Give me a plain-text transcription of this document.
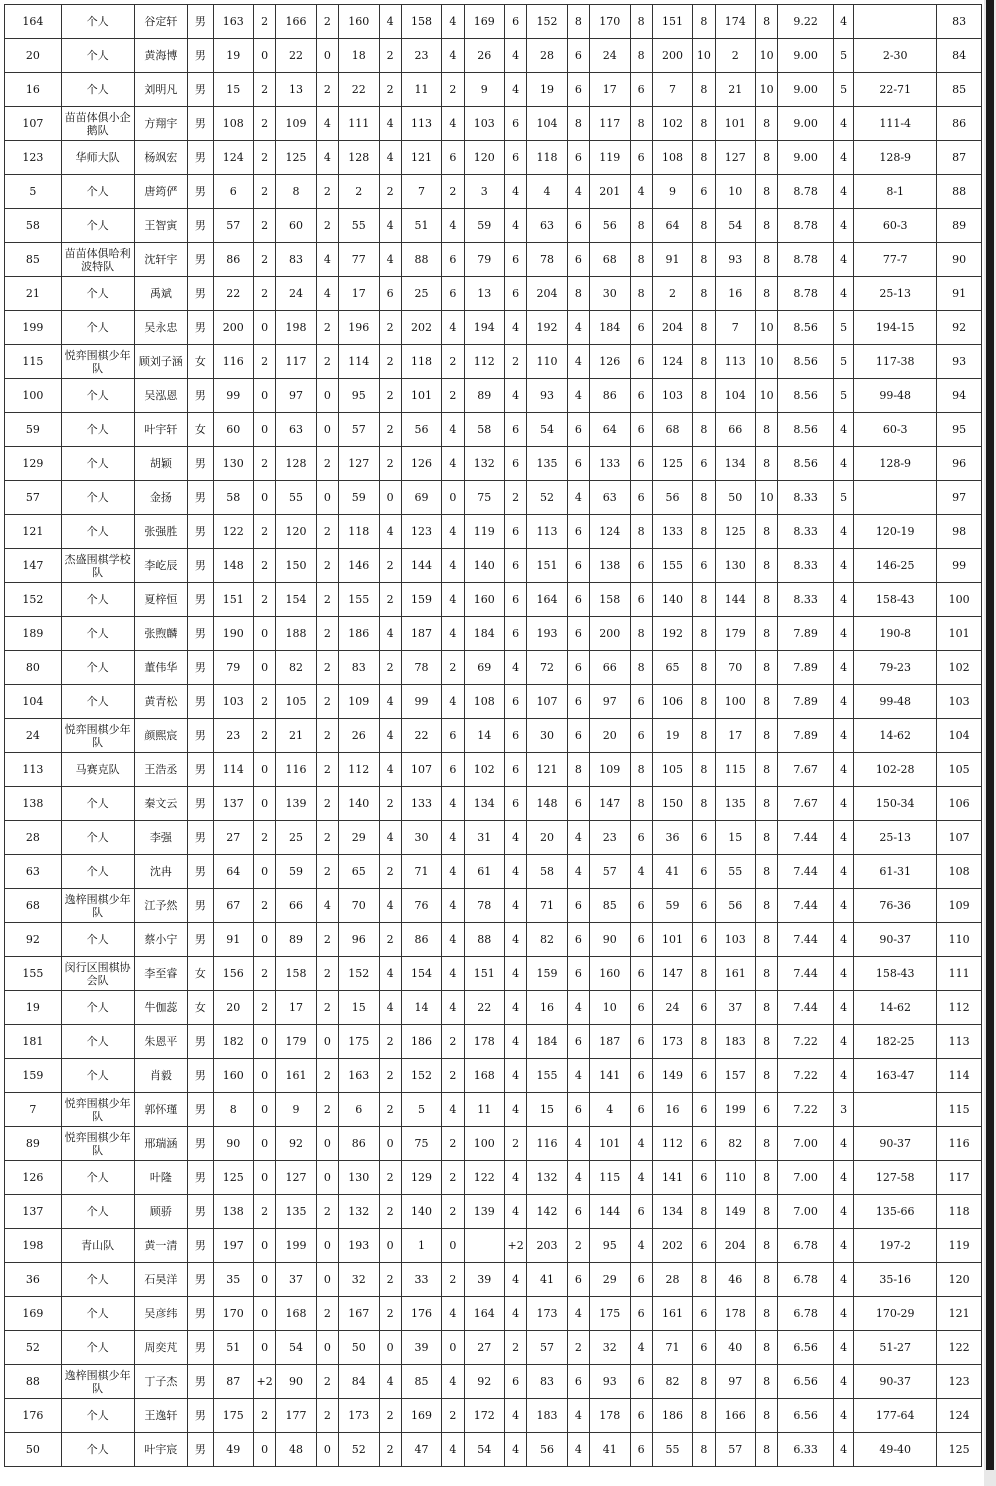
164	个人	谷定轩	男	163	2	166	2	160	4	158	4	169	6	152	8	170	8	151	8	174	8	9.22	4		83
20	个人	黄海博	男	19	0	22	0	18	2	23	4	26	4	28	6	24	8	200	10	2	10	9.00	5	2-30	84
16	个人	刘明凡	男	15	2	13	2	22	2	11	2	9	4	19	6	17	6	7	8	21	10	9.00	5	22-71	85
107	苗苗体俱小企鹅队	方翔宇	男	108	2	109	4	111	4	113	4	103	6	104	8	117	8	102	8	101	8	9.00	4	111-4	86
123	华师大队	杨飒宏	男	124	2	125	4	128	4	121	6	120	6	118	6	119	6	108	8	127	8	9.00	4	128-9	87
5	个人	唐筠俨	男	6	2	8	2	2	2	7	2	3	4	4	4	201	4	9	6	10	8	8.78	4	8-1	88
58	个人	王智寅	男	57	2	60	2	55	4	51	4	59	4	63	6	56	8	64	8	54	8	8.78	4	60-3	89
85	苗苗体俱哈利波特队	沈轩宇	男	86	2	83	4	77	4	88	6	79	6	78	6	68	8	91	8	93	8	8.78	4	77-7	90
21	个人	禹斌	男	22	2	24	4	17	6	25	6	13	6	204	8	30	8	2	8	16	8	8.78	4	25-13	91
199	个人	吴永忠	男	200	0	198	2	196	2	202	4	194	4	192	4	184	6	204	8	7	10	8.56	5	194-15	92
115	悦弈围棋少年队	顾刘子涵	女	116	2	117	2	114	2	118	2	112	2	110	4	126	6	124	8	113	10	8.56	5	117-38	93
100	个人	吴泓恩	男	99	0	97	0	95	2	101	2	89	4	93	4	86	6	103	8	104	10	8.56	5	99-48	94
59	个人	叶宇轩	女	60	0	63	0	57	2	56	4	58	6	54	6	64	6	68	8	66	8	8.56	4	60-3	95
129	个人	胡颖	男	130	2	128	2	127	2	126	4	132	6	135	6	133	6	125	6	134	8	8.56	4	128-9	96
57	个人	金扬	男	58	0	55	0	59	0	69	0	75	2	52	4	63	6	56	8	50	10	8.33	5		97
121	个人	张强胜	男	122	2	120	2	118	4	123	4	119	6	113	6	124	8	133	8	125	8	8.33	4	120-19	98
147	杰盛围棋学校队	李屹辰	男	148	2	150	2	146	2	144	4	140	6	151	6	138	6	155	6	130	8	8.33	4	146-25	99
152	个人	夏梓恒	男	151	2	154	2	155	2	159	4	160	6	164	6	158	6	140	8	144	8	8.33	4	158-43	100
189	个人	张煦麟	男	190	0	188	2	186	4	187	4	184	6	193	6	200	8	192	8	179	8	7.89	4	190-8	101
80	个人	董伟华	男	79	0	82	2	83	2	78	2	69	4	72	6	66	8	65	8	70	8	7.89	4	79-23	102
104	个人	黄青松	男	103	2	105	2	109	4	99	4	108	6	107	6	97	6	106	8	100	8	7.89	4	99-48	103
24	悦弈围棋少年队	颜熙宸	男	23	2	21	2	26	4	22	6	14	6	30	6	20	6	19	8	17	8	7.89	4	14-62	104
113	马赛克队	王浩丞	男	114	0	116	2	112	4	107	6	102	6	121	8	109	8	105	8	115	8	7.67	4	102-28	105
138	个人	秦文云	男	137	0	139	2	140	2	133	4	134	6	148	6	147	8	150	8	135	8	7.67	4	150-34	106
28	个人	李强	男	27	2	25	2	29	4	30	4	31	4	20	4	23	6	36	6	15	8	7.44	4	25-13	107
63	个人	沈冉	男	64	0	59	2	65	2	71	4	61	4	58	4	57	4	41	6	55	8	7.44	4	61-31	108
68	逸梓围棋少年队	江予然	男	67	2	66	4	70	4	76	4	78	4	71	6	85	6	59	6	56	8	7.44	4	76-36	109
92	个人	蔡小宁	男	91	0	89	2	96	2	86	4	88	4	82	6	90	6	101	6	103	8	7.44	4	90-37	110
155	闵行区围棋协会队	李至睿	女	156	2	158	2	152	4	154	4	151	4	159	6	160	6	147	8	161	8	7.44	4	158-43	111
19	个人	牛伽蕊	女	20	2	17	2	15	4	14	4	22	4	16	4	10	6	24	6	37	8	7.44	4	14-62	112
181	个人	朱恩平	男	182	0	179	0	175	2	186	2	178	4	184	6	187	6	173	8	183	8	7.22	4	182-25	113
159	个人	肖毅	男	160	0	161	2	163	2	152	2	168	4	155	4	141	6	149	6	157	8	7.22	4	163-47	114
7	悦弈围棋少年队	郭怀瑾	男	8	0	9	2	6	2	5	4	11	4	15	6	4	6	16	6	199	6	7.22	3		115
89	悦弈围棋少年队	邢瑞涵	男	90	0	92	0	86	0	75	2	100	2	116	4	101	4	112	6	82	8	7.00	4	90-37	116
126	个人	叶隆	男	125	0	127	0	130	2	129	2	122	4	132	4	115	4	141	6	110	8	7.00	4	127-58	117
137	个人	顾骄	男	138	2	135	2	132	2	140	2	139	4	142	6	144	6	134	8	149	8	7.00	4	135-66	118
198	青山队	黄一清	男	197	0	199	0	193	0	1	0		+2	203	2	95	4	202	6	204	8	6.78	4	197-2	119
36	个人	石昊洋	男	35	0	37	0	32	2	33	2	39	4	41	6	29	6	28	8	46	8	6.78	4	35-16	120
169	个人	吴彦纬	男	170	0	168	2	167	2	176	4	164	4	173	4	175	6	161	6	178	8	6.78	4	170-29	121
52	个人	周奕芃	男	51	0	54	0	50	0	39	0	27	2	57	2	32	4	71	6	40	8	6.56	4	51-27	122
88	逸梓围棋少年队	丁子杰	男	87	+2	90	2	84	4	85	4	92	6	83	6	93	6	82	8	97	8	6.56	4	90-37	123
176	个人	王逸轩	男	175	2	177	2	173	2	169	2	172	4	183	4	178	6	186	8	166	8	6.56	4	177-64	124
50	个人	叶宇宸	男	49	0	48	0	52	2	47	4	54	4	56	4	41	6	55	8	57	8	6.33	4	49-40	125
